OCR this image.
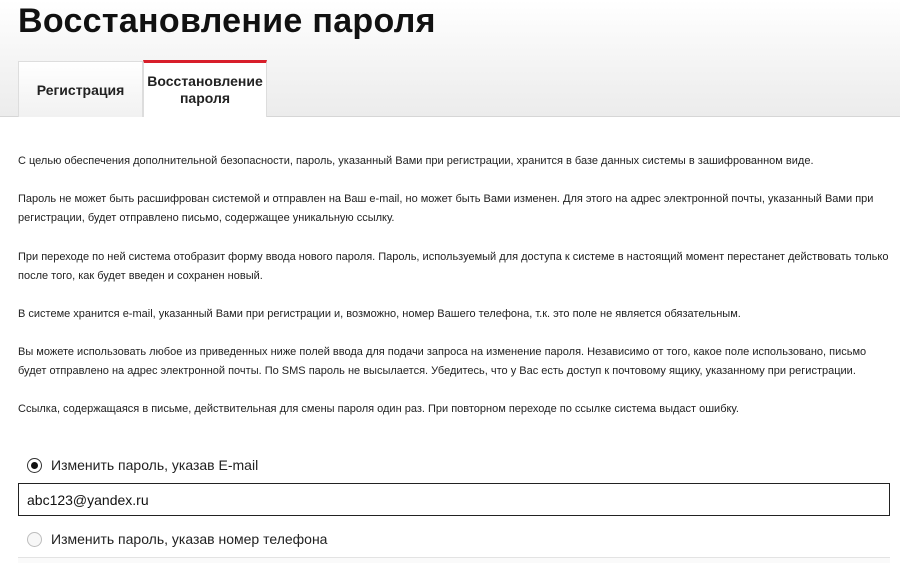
Восстановление пароля
Регистрация
Восстановление пароля

С целью обеспечения дополнительной безопасности, пароль, указанный Вами при регистрации, хранится в базе данных системы в зашифрованном виде.

Пароль не может быть расшифрован системой и отправлен на Ваш e-mail, но может быть Вами изменен. Для этого на адрес электронной почты, указанный Вами при регистрации, будет отправлено письмо, содержащее уникальную ссылку.

При переходе по ней система отобразит форму ввода нового пароля. Пароль, используемый для доступа к системе в настоящий момент перестанет действовать только после того, как будет введен и сохранен новый.

В системе хранится e-mail, указанный Вами при регистрации и, возможно, номер Вашего телефона, т.к. это поле не является обязательным.

Вы можете использовать любое из приведенных ниже полей ввода для подачи запроса на изменение пароля. Независимо от того, какое поле использовано, письмо будет отправлено на адрес электронной почты. По SMS пароль не высылается. Убедитесь, что у Вас есть доступ к почтовому ящику, указанному при регистрации.

Ссылка, содержащаяся в письме, действительная для смены пароля один раз. При повторном переходе по ссылке система выдаст ошибку.

Изменить пароль, указав E-mail
abc123@yandex.ru
Изменить пароль, указав номер телефона
